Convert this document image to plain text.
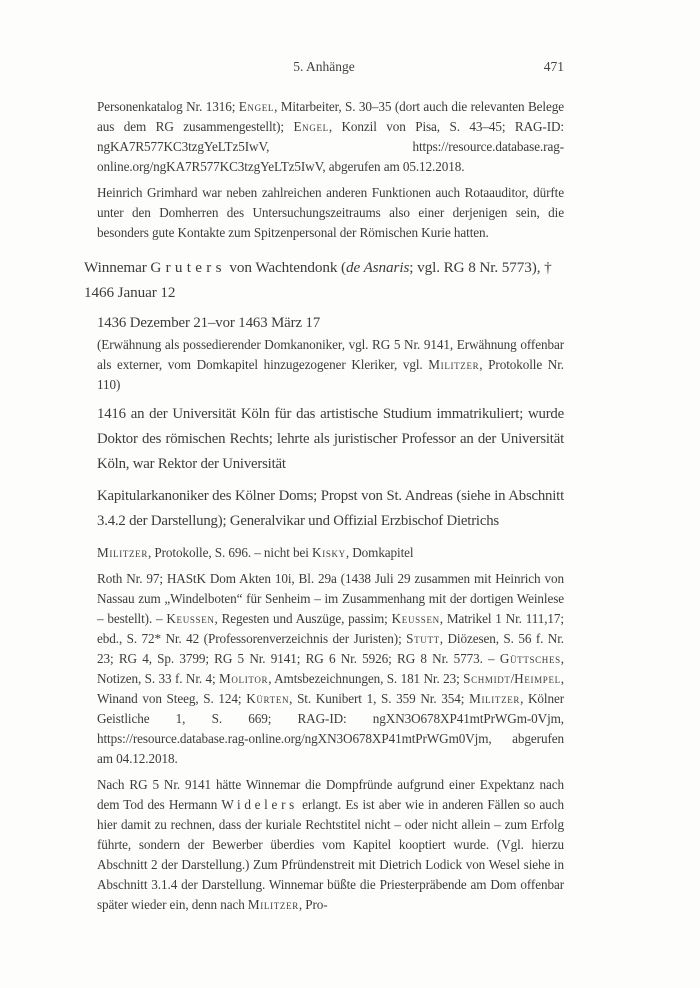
5. Anhänge	471

Personenkatalog Nr. 1316; Engel, Mitarbeiter, S. 30–35 (dort auch die relevanten Belege aus dem RG zusammengestellt); Engel, Konzil von Pisa, S. 43–45; RAG-ID: ngKA7R577KC3tzgYeLTz5IwV, https://resource.database.rag-online.org/ngKA7R577KC3tzgYeLTz5IwV, abgerufen am 05.12.2018.

Heinrich Grimhard war neben zahlreichen anderen Funktionen auch Rotaauditor, dürfte unter den Domherren des Untersuchungszeitraums also einer derjenigen sein, die besonders gute Kontakte zum Spitzenpersonal der Römischen Kurie hatten.

Winnemar Gruters von Wachtendonk (de Asnaris; vgl. RG 8 Nr. 5773), † 1466 Januar 12

1436 Dezember 21–vor 1463 März 17

(Erwähnung als possedierender Domkanoniker, vgl. RG 5 Nr. 9141, Erwähnung offenbar als externer, vom Domkapitel hinzugezogener Kleriker, vgl. Militzer, Protokolle Nr. 110)

1416 an der Universität Köln für das artistische Studium immatrikuliert; wurde Doktor des römischen Rechts; lehrte als juristischer Professor an der Universität Köln, war Rektor der Universität

Kapitularkanoniker des Kölner Doms; Propst von St. Andreas (siehe in Abschnitt 3.4.2 der Darstellung); Generalvikar und Offizial Erzbischof Dietrichs

Militzer, Protokolle, S. 696. – nicht bei Kisky, Domkapitel

Roth Nr. 97; HAStK Dom Akten 10i, Bl. 29a (1438 Juli 29 zusammen mit Heinrich von Nassau zum „Windelboten“ für Senheim – im Zusammenhang mit der dortigen Weinlese – bestellt). – Keussen, Regesten und Auszüge, passim; Keussen, Matrikel 1 Nr. 111,17; ebd., S. 72* Nr. 42 (Professorenverzeichnis der Juristen); Stutt, Diözesen, S. 56 f. Nr. 23; RG 4, Sp. 3799; RG 5 Nr. 9141; RG 6 Nr. 5926; RG 8 Nr. 5773. – Güttsches, Notizen, S. 33 f. Nr. 4; Molitor, Amtsbezeichnungen, S. 181 Nr. 23; Schmidt/Heimpel, Winand von Steeg, S. 124; Kürten, St. Kunibert 1, S. 359 Nr. 354; Militzer, Kölner Geistliche 1, S. 669; RAG-ID: ngXN3O678XP41mtPrWGm-0Vjm, https://resource.database.rag-online.org/ngXN3O678XP41mtPrWGm0Vjm, abgerufen am 04.12.2018.

Nach RG 5 Nr. 9141 hätte Winnemar die Dompfründe aufgrund einer Expektanz nach dem Tod des Hermann Widelers erlangt. Es ist aber wie in anderen Fällen so auch hier damit zu rechnen, dass der kuriale Rechtstitel nicht – oder nicht allein – zum Erfolg führte, sondern der Bewerber überdies vom Kapitel kooptiert wurde. (Vgl. hierzu Abschnitt 2 der Darstellung.) Zum Pfründenstreit mit Dietrich Lodick von Wesel siehe in Abschnitt 3.1.4 der Darstellung. Winnemar büßte die Priesterpräbende am Dom offenbar später wieder ein, denn nach Militzer, Pro-
